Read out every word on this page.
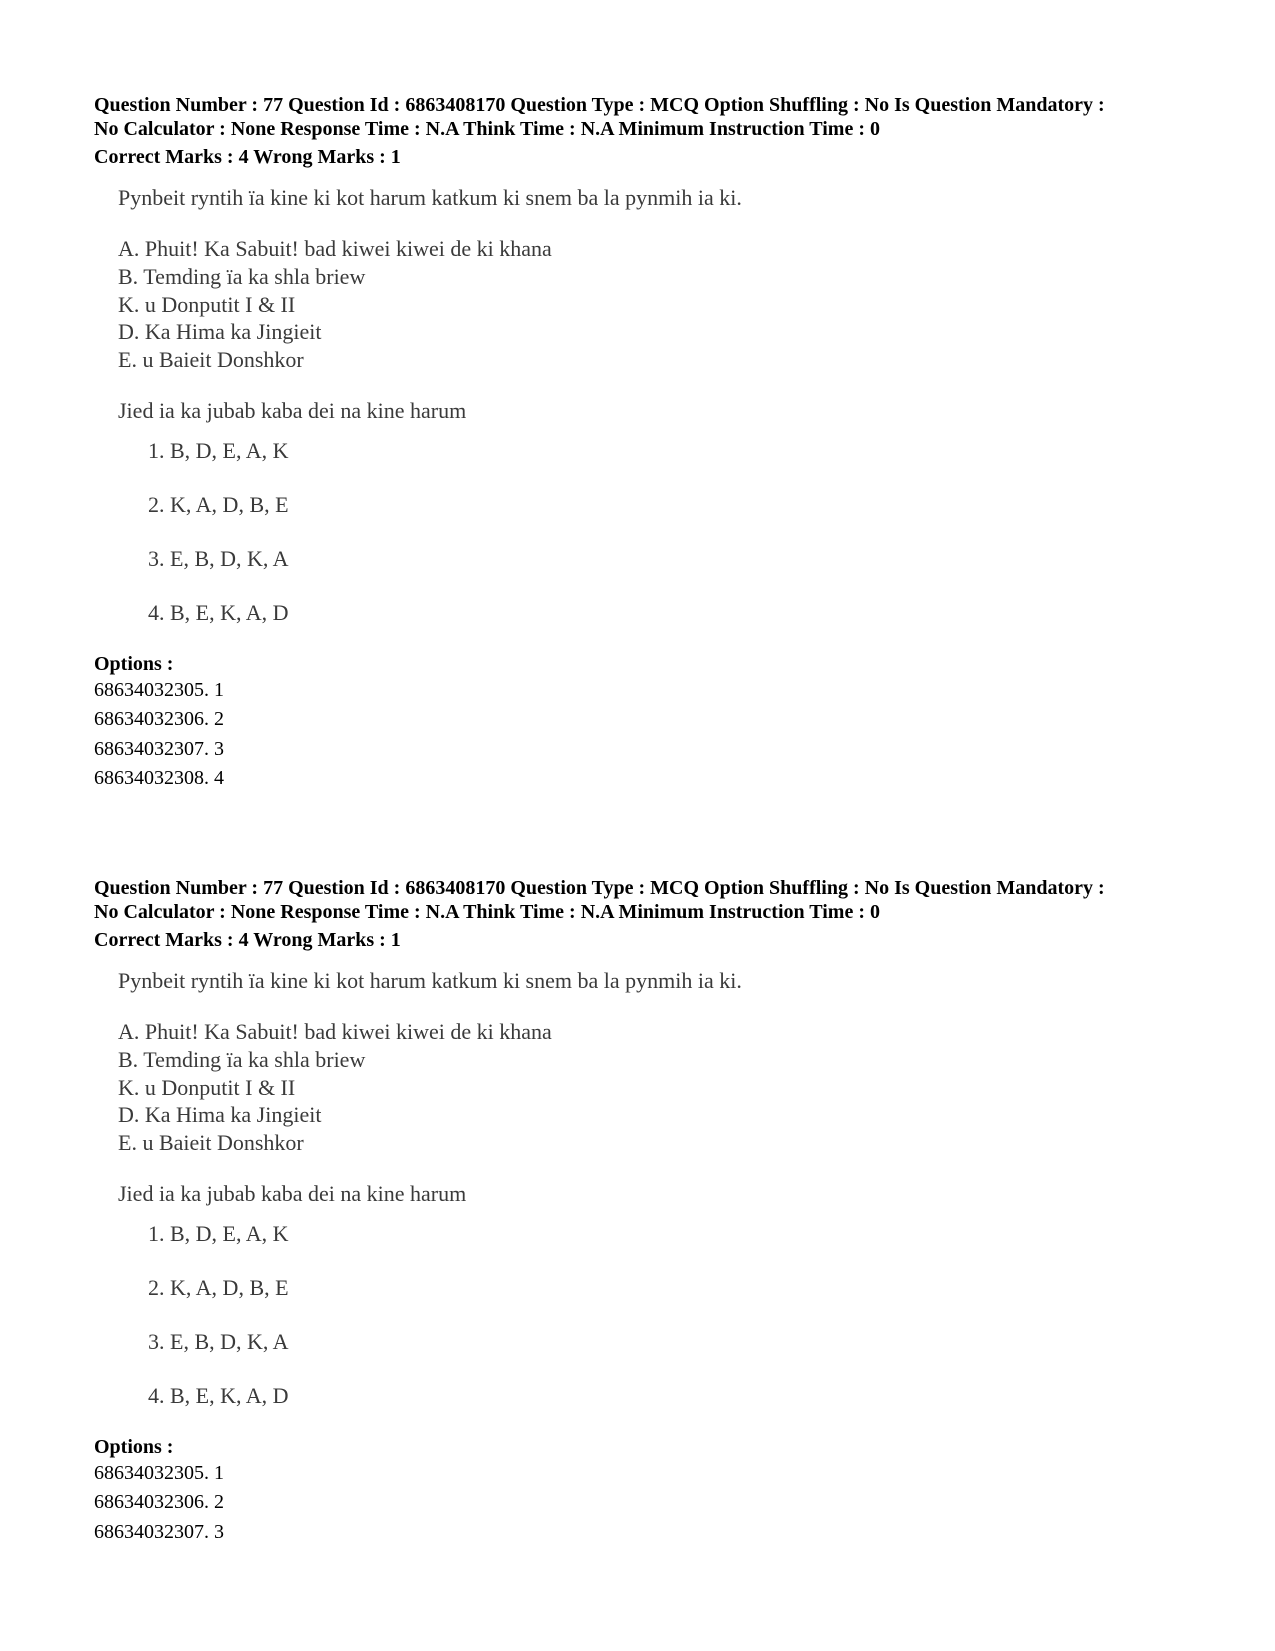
Question Number : 77 Question Id : 6863408170 Question Type : MCQ Option Shuffling : No Is Question Mandatory :
No Calculator : None Response Time : N.A Think Time : N.A Minimum Instruction Time : 0
Correct Marks : 4 Wrong Marks : 1
Pynbeit ryntih ïa kine ki kot harum katkum ki snem ba la pynmih ia ki.
A. Phuit! Ka Sabuit! bad kiwei kiwei de ki khana
B. Temding ïa ka shla briew
K. u Donputit I & II
D. Ka Hima ka Jingieit
E. u Baieit Donshkor
Jied ia ka jubab kaba dei na kine harum
1. B, D, E, A, K
2. K, A, D, B, E
3. E, B, D, K, A
4. B, E, K, A, D
Options :
68634032305. 1
68634032306. 2
68634032307. 3
68634032308. 4
Question Number : 77 Question Id : 6863408170 Question Type : MCQ Option Shuffling : No Is Question Mandatory :
No Calculator : None Response Time : N.A Think Time : N.A Minimum Instruction Time : 0
Correct Marks : 4 Wrong Marks : 1
Pynbeit ryntih ïa kine ki kot harum katkum ki snem ba la pynmih ia ki.
A. Phuit! Ka Sabuit! bad kiwei kiwei de ki khana
B. Temding ïa ka shla briew
K. u Donputit I & II
D. Ka Hima ka Jingieit
E. u Baieit Donshkor
Jied ia ka jubab kaba dei na kine harum
1. B, D, E, A, K
2. K, A, D, B, E
3. E, B, D, K, A
4. B, E, K, A, D
Options :
68634032305. 1
68634032306. 2
68634032307. 3
